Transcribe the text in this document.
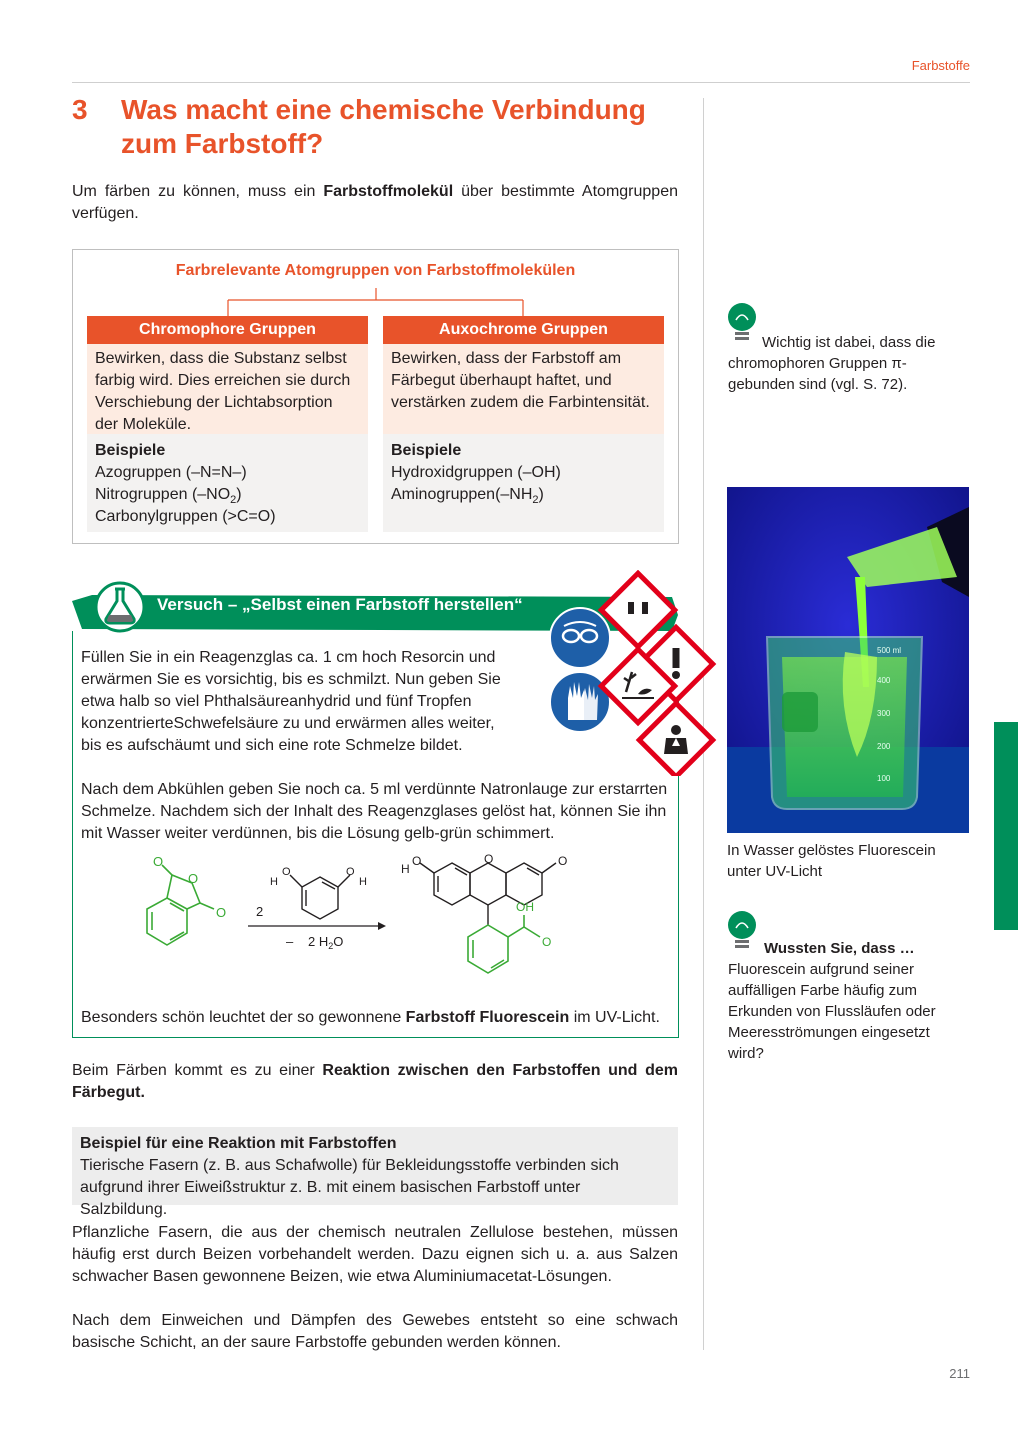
Farbstoffe
3 Was macht eine chemische Verbindung
zum Farbstoff?

Um färben zu können, muss ein Farbstoffmolekül über bestimmte Atomgruppen verfügen.

Farbrelevante Atomgruppen von Farbstoffmolekülen
Chromophore Gruppen
Bewirken, dass die Substanz selbst farbig wird. Dies erreichen sie durch Verschiebung der Lichtabsorption der Moleküle.
Beispiele
Azogruppen (–N=N–)
Nitrogruppen $(-NO_2)$
Carbonylgruppen (>C=O)
Auxochrome Gruppen
Bewirken, dass der Farbstoff am Färbegut überhaupt haftet, und verstärken zudem die Farbintensität.
Beispiele
Hydroxidgruppen (–OH)
$Aminogruppen(-NH_2)$
Versuch – „Selbst einen Farbstoff herstellen“

Füllen Sie in ein Reagenzglas ca. 1 cm hoch Resorcin und erwärmen Sie es vorsichtig, bis es schmilzt. Nun geben Sie etwa halb so viel Phthalsäureanhydrid und fünf Tropfen konzentrierteSchwefelsäure zu und erwärmen alles weiter, bis es aufschäumt und sich eine rote Schmelze bildet.

Nach dem Abkühlen geben Sie noch ca. 5 ml verdünnte Natronlauge zur erstarrten Schmelze. Nachdem sich der Inhalt des Reagenzglases gelöst hat, können Sie ihn mit Wasser weiter verdünnen, bis die Lösung gelb-grün schimmert.

O
O
O 2
O
H
O
H
– 2 $H_2O$
H
O	O	O
OH
O

Besonders schön leuchtet der so gewonnene Farbstoff Fluorescein im UV-Licht.

Beim Färben kommt es zu einer Reaktion zwischen den Farbstoffen und dem Färbegut.

Beispiel für eine Reaktion mit Farbstoffen
Tierische Fasern (z. B. aus Schafwolle) für Bekleidungsstoffe verbinden sich aufgrund ihrer Eiweißstruktur z. B. mit einem basischen Farbstoff unter Salzbildung.

Pflanzliche Fasern, die aus der chemisch neutralen Zellulose bestehen, müssen häufig erst durch Beizen vorbehandelt werden. Dazu eignen sich u. a. aus Salzen schwacher Basen gewonnene Beizen, wie etwa Aluminiumacetat-Lösungen.

Nach dem Einweichen und Dämpfen des Gewebes entsteht so eine schwach basische Schicht, an der saure Farbstoffe gebunden werden können.

Wichtig ist dabei, dass die chromophoren Gruppen π-gebunden sind (vgl. S. 72).

500 ml
400
300
200
100

In Wasser gelöstes Fluorescein unter UV-Licht

Wussten Sie, dass …
Fluorescein aufgrund seiner auffälligen Farbe häufig zum Erkunden von Flussläufen oder Meeresströmungen eingesetzt wird?
211
